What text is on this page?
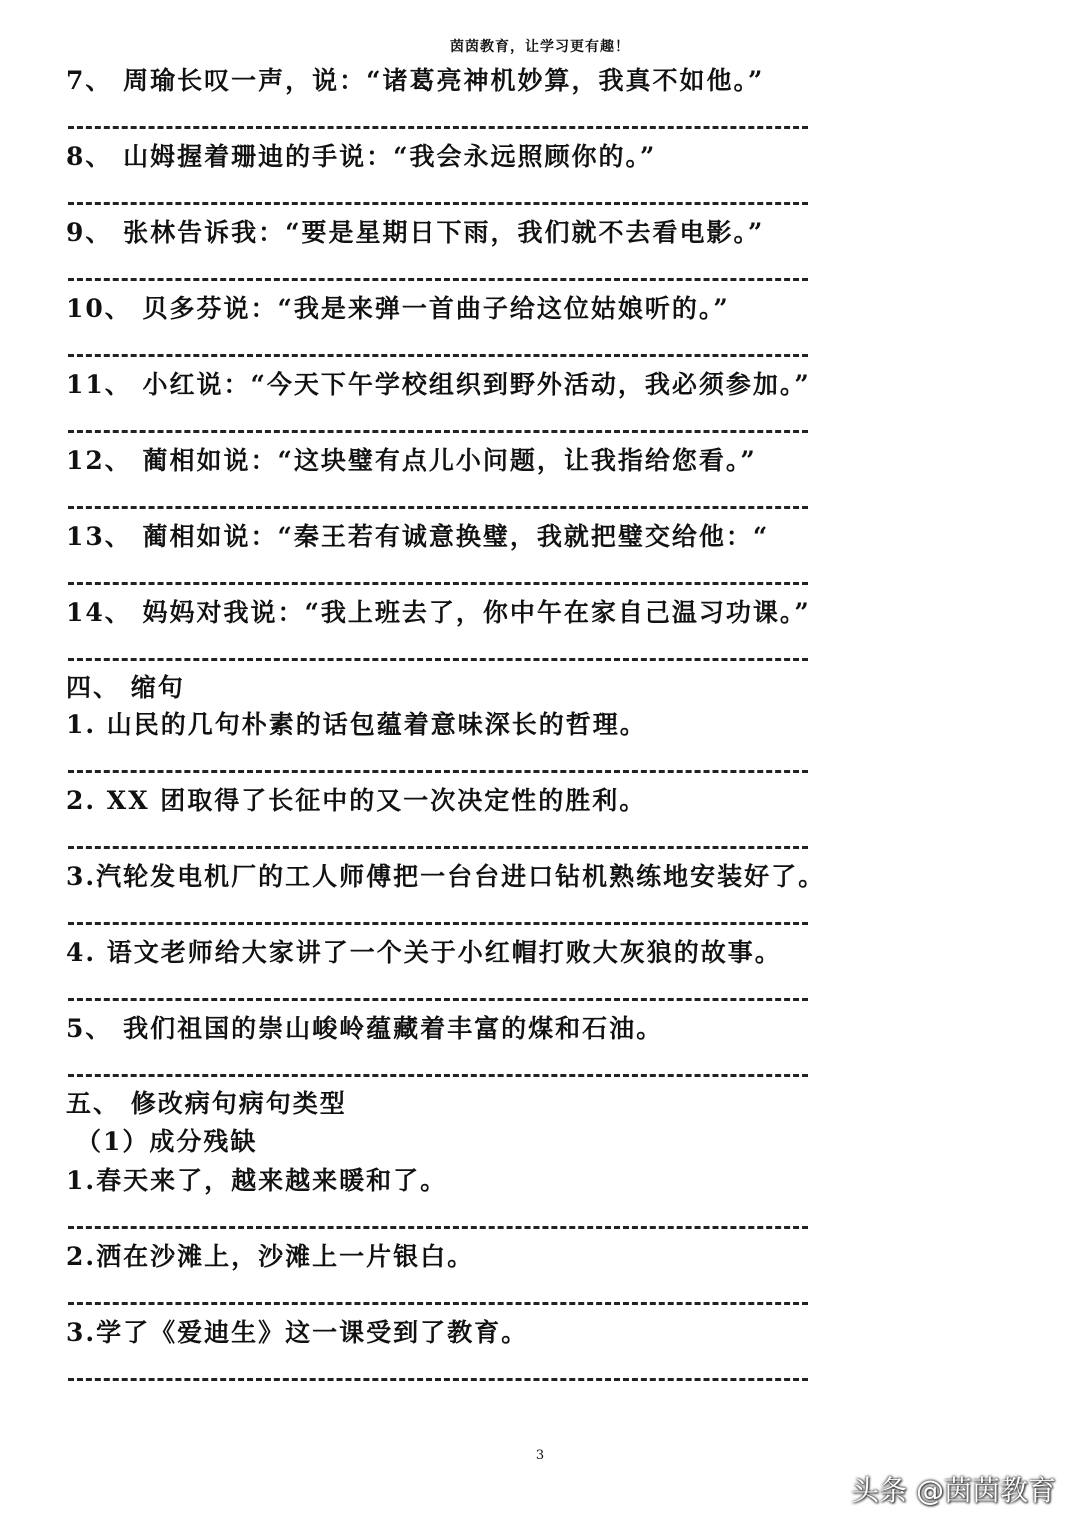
茵茵教育，让学习更有趣！
7、 周瑜长叹一声，说：“诸葛亮神机妙算，我真不如他。”
8、 山姆握着珊迪的手说：“我会永远照顾你的。”
9、 张林告诉我：“要是星期日下雨，我们就不去看电影。”
10、 贝多芬说：“我是来弹一首曲子给这位姑娘听的。”
11、 小红说：“今天下午学校组织到野外活动，我必须参加。”
12、 蔺相如说：“这块璧有点儿小问题，让我指给您看。”
13、 蔺相如说：“秦王若有诚意换璧，我就把璧交给他：“
14、 妈妈对我说：“我上班去了，你中午在家自己温习功课。”
四、 缩句
1. 山民的几句朴素的话包蕴着意味深长的哲理。
2. XX 团取得了长征中的又一次决定性的胜利。
3.汽轮发电机厂的工人师傅把一台台进口钻机熟练地安装好了。
4. 语文老师给大家讲了一个关于小红帽打败大灰狼的故事。
5、 我们祖国的崇山峻岭蕴藏着丰富的煤和石油。
五、 修改病句病句类型
（1）成分残缺
1.春天来了，越来越来暖和了。
2.洒在沙滩上，沙滩上一片银白。
3.学了《爱迪生》这一课受到了教育。
3
头条 @茵茵教育
